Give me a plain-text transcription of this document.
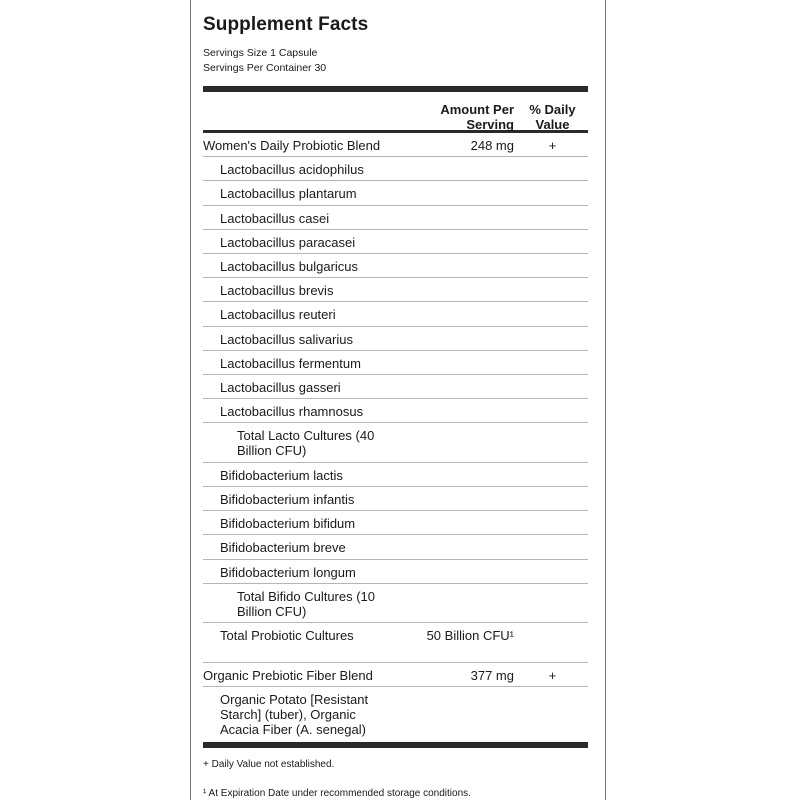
Supplement Facts
Servings Size 1 Capsule
Servings Per Container 30
Amount Per Serving
% Daily Value
Women's Daily Probiotic Blend	248 mg	+
Lactobacillus acidophilus
Lactobacillus plantarum
Lactobacillus casei
Lactobacillus paracasei
Lactobacillus bulgaricus
Lactobacillus brevis
Lactobacillus reuteri
Lactobacillus salivarius
Lactobacillus fermentum
Lactobacillus gasseri
Lactobacillus rhamnosus
Total Lacto Cultures (40 Billion CFU)
Bifidobacterium lactis
Bifidobacterium infantis
Bifidobacterium bifidum
Bifidobacterium breve
Bifidobacterium longum
Total Bifido Cultures (10 Billion CFU)
Total Probiotic Cultures	50 Billion CFU¹
Organic Prebiotic Fiber Blend	377 mg	+
Organic Potato [Resistant Starch] (tuber), Organic Acacia Fiber (A. senegal)
+ Daily Value not established.
¹ At Expiration Date under recommended storage conditions.
